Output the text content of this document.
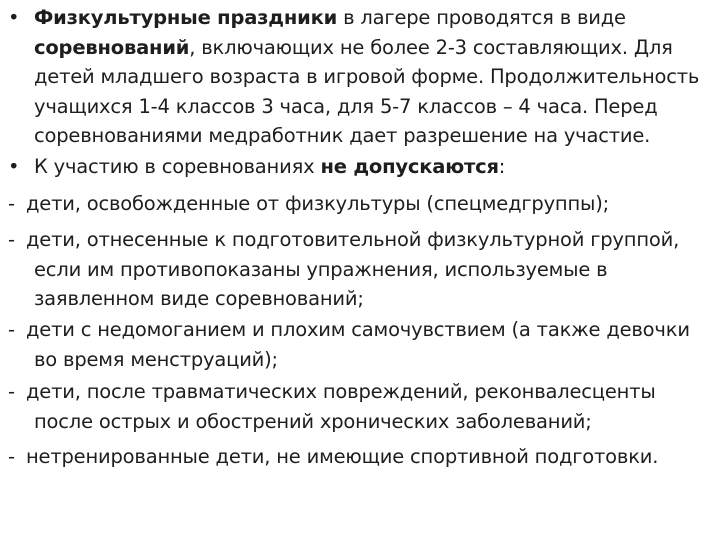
• Физкультурные праздники в лагере проводятся в виде
соревнований, включающих не более 2-3 составляющих. Для
детей младшего возраста в игровой форме. Продолжительность
учащихся 1-4 классов 3 часа, для 5-7 классов – 4 часа. Перед
соревнованиями медработник дает разрешение на участие.
• К участию в соревнованиях не допускаются:
- дети, освобожденные от физкультуры (спецмедгруппы);
- дети, отнесенные к подготовительной физкультурной группой,
если им противопоказаны упражнения, используемые в
заявленном виде соревнований;
- дети с недомоганием и плохим самочувствием (а также девочки
во время менструаций);
- дети, после травматических повреждений, реконвалесценты
после острых и обострений хронических заболеваний;
- нетренированные дети, не имеющие спортивной подготовки.
